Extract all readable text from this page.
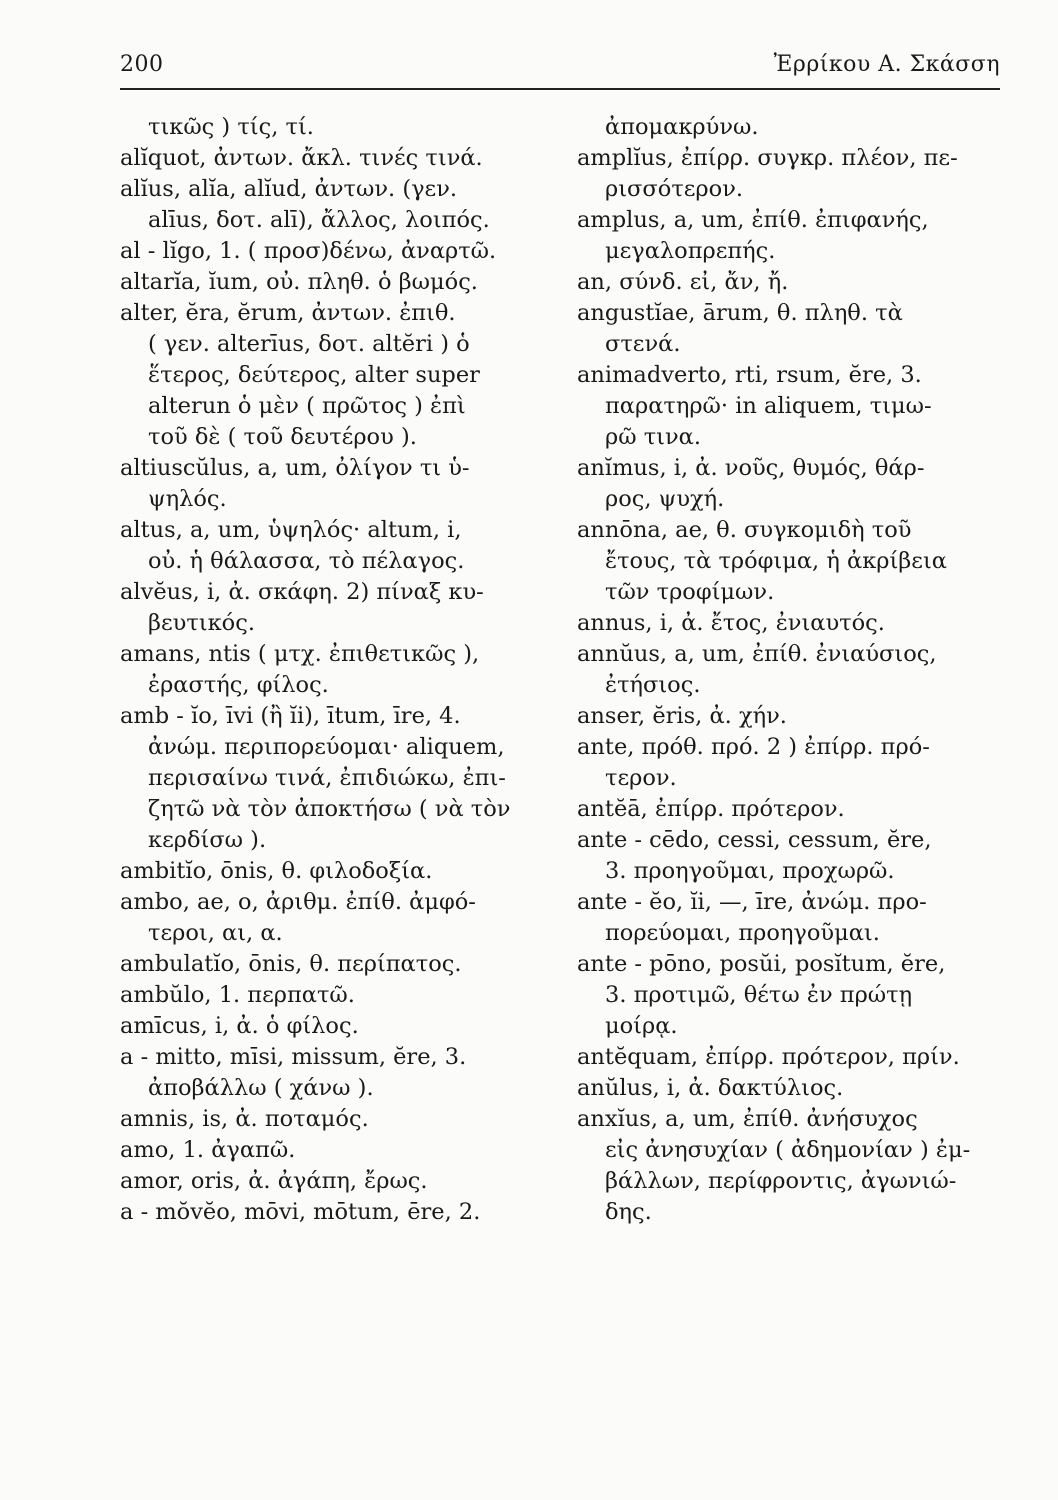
200	Ἐρρίκου Α. Σκάσση
τικῶς ) τίς, τί.
alĭquot, ἀντων. ἄκλ. τινές τινά.
alĭus, alĭa, alĭud, ἀντων. (γεν.
alīus, δοτ. alī), ἄλλος, λοιπός.
al - lĭgo, 1. ( προσ)δένω, ἀναρτῶ.
altarĭa, ĭum, οὐ. πληθ. ὁ βωμός.
alter, ĕra, ĕrum, ἀντων. ἐπιθ.
( γεν. alterīus, δοτ. altĕri ) ὁ
ἕτερος, δεύτερος, alter super
alterun ὁ μὲν ( πρῶτος ) ἐπὶ
τοῦ δὲ ( τοῦ δευτέρου ).
altiuscŭlus, a, um, ὀλίγον τι ὑ-
ψηλός.
altus, a, um, ὑψηλός· altum, i,
οὐ. ἡ θάλασσα, τὸ πέλαγος.
alvĕus, i, ἀ. σκάφη. 2) πίναξ κυ-
βευτικός.
amans, ntis ( μτχ. ἐπιθετικῶς ),
ἐραστής, φίλος.
amb - ĭo, īvi (ἢ ĭi), ītum, īre, 4.
ἀνώμ. περιπορεύομαι· aliquem,
περισαίνω τινά, ἐπιδιώκω, ἐπι-
ζητῶ νὰ τὸν ἀποκτήσω ( νὰ τὸν
κερδίσω ).
ambitĭo, ōnis, θ. φιλοδοξία.
ambo, ae, o, ἀριθμ. ἐπίθ. ἀμφό-
τεροι, αι, α.
ambulatĭo, ōnis, θ. περίπατος.
ambŭlo, 1. περπατῶ.
amīcus, i, ἀ. ὁ φίλος.
a - mitto, mīsi, missum, ĕre, 3.
ἀποβάλλω ( χάνω ).
amnis, is, ἀ. ποταμός.
amo, 1. ἀγαπῶ.
amor, oris, ἀ. ἀγάπη, ἔρως.
a - mŏvĕo, mōvi, mōtum, ēre, 2.
ἀπομακρύνω.
amplĭus, ἐπίρρ. συγκρ. πλέον, πε-
ρισσότερον.
amplus, a, um, ἐπίθ. ἐπιφανής,
μεγαλοπρεπής.
an, σύνδ. εἰ, ἄν, ἤ.
angustĭae, ārum, θ. πληθ. τὰ
στενά.
animadverto, rti, rsum, ĕre, 3.
παρατηρῶ· in aliquem, τιμω-
ρῶ τινα.
anĭmus, i, ἀ. νοῦς, θυμός, θάρ-
ρος, ψυχή.
annōna, ae, θ. συγκομιδὴ τοῦ
ἔτους, τὰ τρόφιμα, ἡ ἀκρίβεια
τῶν τροφίμων.
annus, i, ἀ. ἔτος, ἐνιαυτός.
annŭus, a, um, ἐπίθ. ἐνιαύσιος,
ἐτήσιος.
anser, ĕris, ἀ. χήν.
ante, πρόθ. πρό. 2 ) ἐπίρρ. πρό-
τερον.
antĕā, ἐπίρρ. πρότερον.
ante - cēdo, cessi, cessum, ĕre,
3. προηγοῦμαι, προχωρῶ.
ante - ĕo, ĭi, —, īre, ἀνώμ. προ-
πορεύομαι, προηγοῦμαι.
ante - pōno, posŭi, posĭtum, ĕre,
3. προτιμῶ, θέτω ἐν πρώτῃ
μοίρᾳ.
antĕquam, ἐπίρρ. πρότερον, πρίν.
anŭlus, i, ἀ. δακτύλιος.
anxĭus, a, um, ἐπίθ. ἀνήσυχος
εἰς ἀνησυχίαν ( ἀδημονίαν ) ἐμ-
βάλλων, περίφροντις, ἀγωνιώ-
δης.
